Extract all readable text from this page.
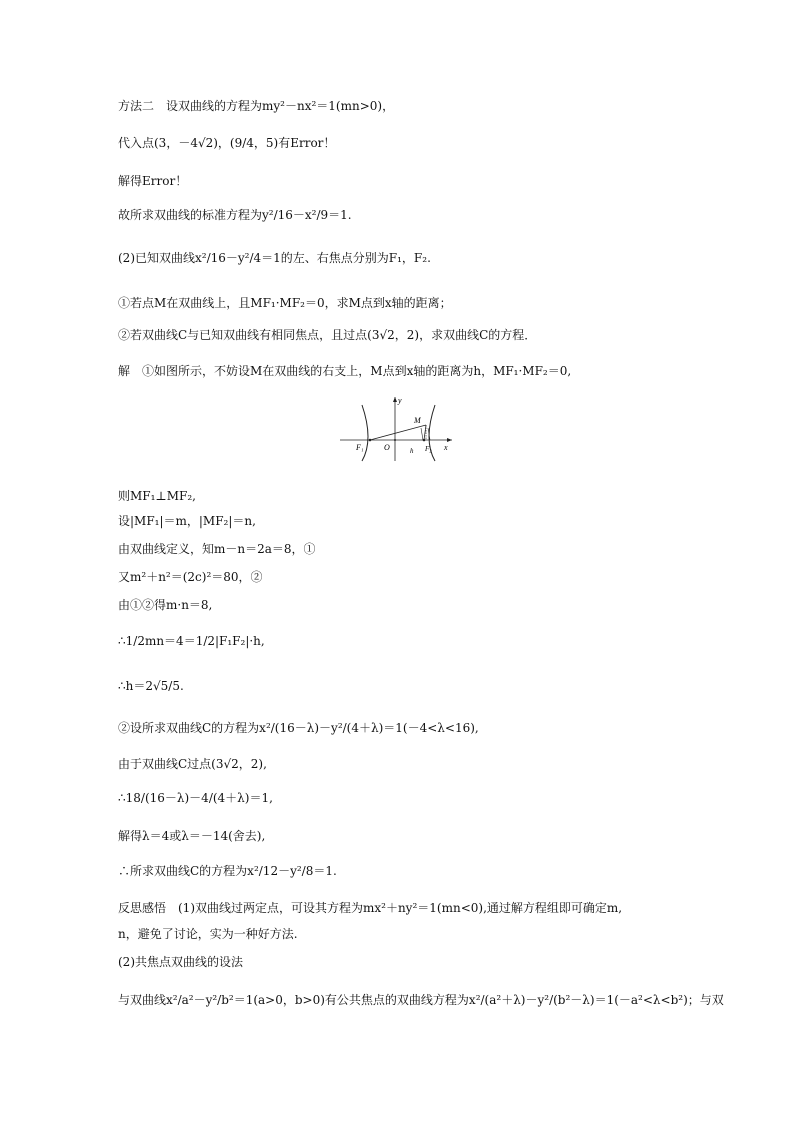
方法二　设双曲线的方程为my²－nx²＝1(mn>0)，
代入点(3，－4√2)，(9/4，5)有Error！
解得Error！
故所求双曲线的标准方程为y²/16－x²/9＝1.
(2)已知双曲线x²/16－y²/4＝1的左、右焦点分别为F₁，F₂.
①若点M在双曲线上，且MF₁·MF₂＝0，求M点到x轴的距离；
②若双曲线C与已知双曲线有相同焦点，且过点(3√2，2)，求双曲线C的方程．
解　①如图所示，不妨设M在双曲线的右支上，M点到x轴的距离为h，MF₁·MF₂＝0,
y
x
O
F₁	F₂
M
h
则MF₁⊥MF₂,
设|MF₁|＝m，|MF₂|＝n,
由双曲线定义，知m－n＝2a＝8，①
又m²＋n²＝(2c)²＝80，②
由①②得m·n＝8,
∴1/2mn＝4＝1/2|F₁F₂|·h,
∴h＝2√5/5.
②设所求双曲线C的方程为x²/(16－λ)－y²/(4＋λ)＝1(－4<λ<16),
由于双曲线C过点(3√2，2),
∴18/(16－λ)－4/(4＋λ)＝1,
解得λ＝4或λ＝－14(舍去),
∴所求双曲线C的方程为x²/12－y²/8＝1.
反思感悟　(1)双曲线过两定点，可设其方程为mx²＋ny²＝1(mn<0),通过解方程组即可确定m,
n，避免了讨论，实为一种好方法.
(2)共焦点双曲线的设法
与双曲线x²/a²－y²/b²＝1(a>0，b>0)有公共焦点的双曲线方程为x²/(a²＋λ)－y²/(b²－λ)＝1(－a²<λ<b²)；与双
